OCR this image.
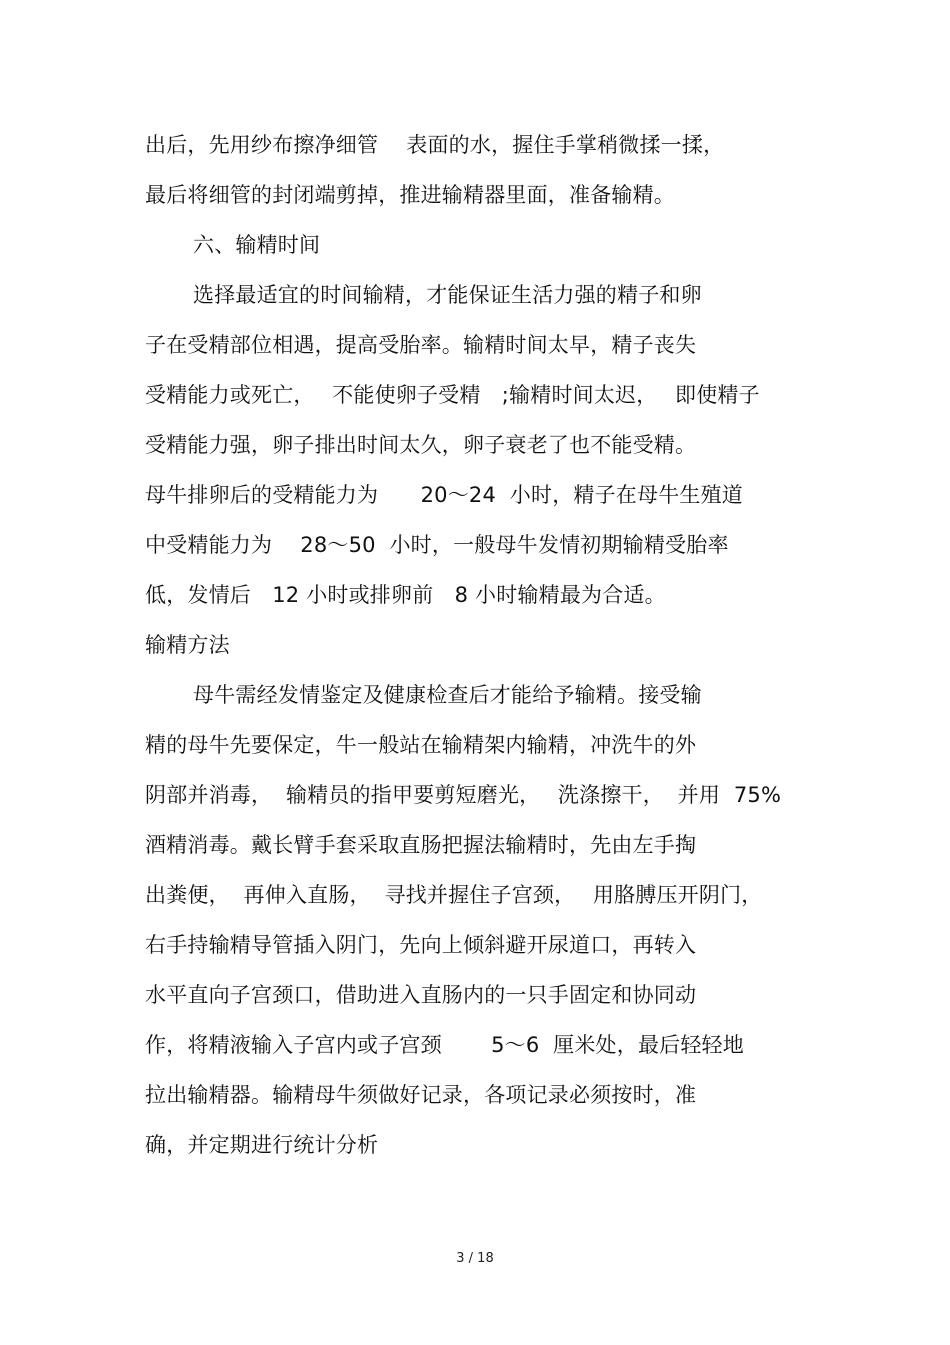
出后，先用纱布擦净细管　 表面的水，握住手掌稍微揉一揉，
最后将细管的封闭端剪掉，推进输精器里面，准备输精。
六、输精时间
选择最适宜的时间输精，才能保证生活力强的精子和卵
子在受精部位相遇，提高受胎率。输精时间太早，精子丧失
受精能力或死亡，　 不能使卵子受精　;输精时间太迟，　 即使精子
受精能力强，卵子排出时间太久，卵子衰老了也不能受精。
母牛排卵后的受精能力为　　20～24  小时，精子在母牛生殖道
中受精能力为　 28～50  小时，一般母牛发情初期输精受胎率
低，发情后　12 小时或排卵前　8 小时输精最为合适。
输精方法
母牛需经发情鉴定及健康检查后才能给予输精。接受输
精的母牛先要保定，牛一般站在输精架内输精，冲洗牛的外
阴部并消毒，  输精员的指甲要剪短磨光，　 洗涤擦干，  并用  75%
酒精消毒。戴长臂手套采取直肠把握法输精时，先由左手掏
出粪便，  再伸入直肠，  寻找并握住子宫颈，　 用胳膊压开阴门，
右手持输精导管插入阴门，先向上倾斜避开尿道口，再转入
水平直向子宫颈口，借助进入直肠内的一只手固定和协同动
作，将精液输入子宫内或子宫颈　　 5～6  厘米处，最后轻轻地
拉出输精器。输精母牛须做好记录，各项记录必须按时，准
确，并定期进行统计分析
3 / 18
